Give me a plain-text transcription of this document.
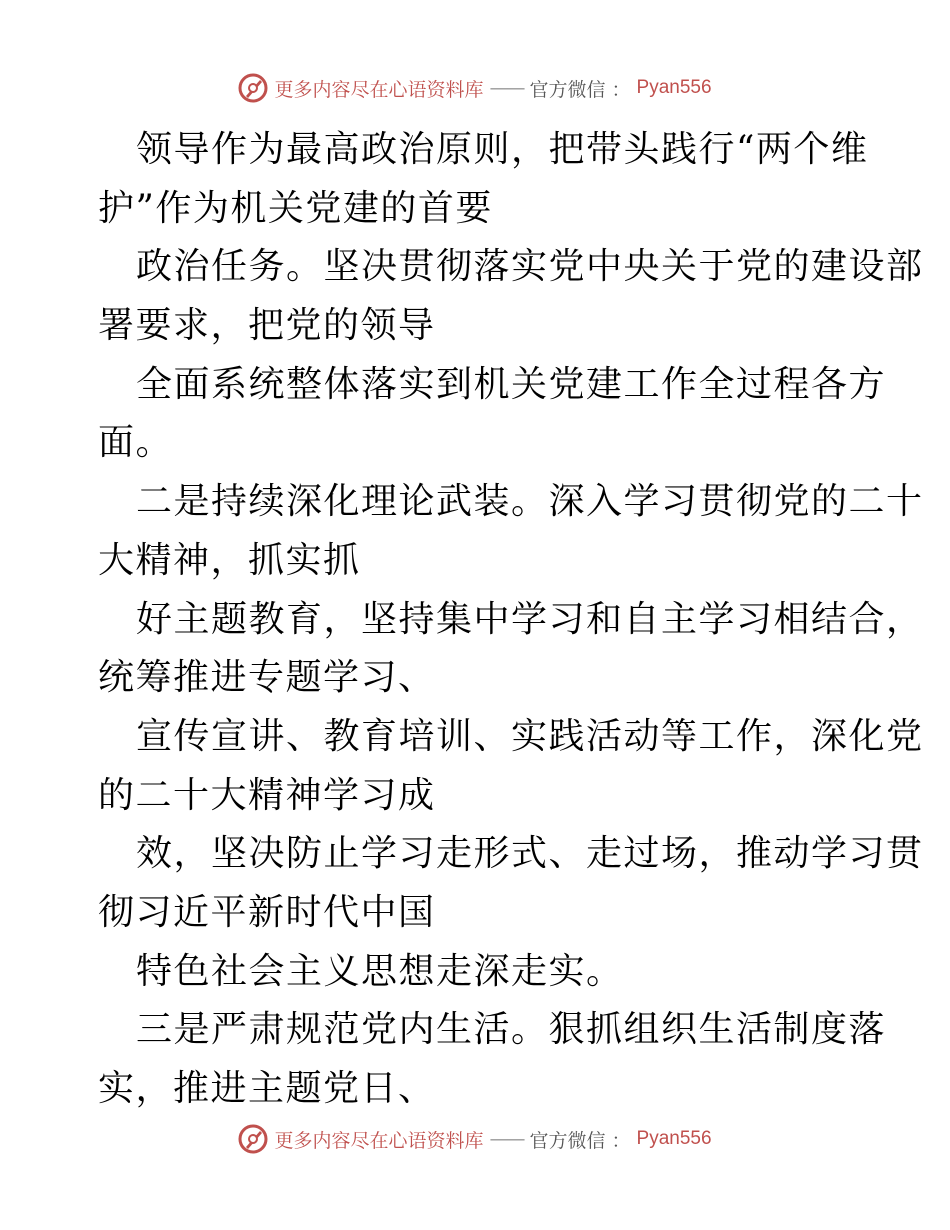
更多内容尽在心语资料库 —— 官方微信 ： Pyan556
领导作为最高政治原则，把带头践行“两个维
护”作为机关党建的首要
政治任务。坚决贯彻落实党中央关于党的建设部
署要求，把党的领导
全面系统整体落实到机关党建工作全过程各方
面。
二是持续深化理论武装。深入学习贯彻党的二十
大精神，抓实抓
好主题教育，坚持集中学习和自主学习相结合，
统筹推进专题学习、
宣传宣讲、教育培训、实践活动等工作，深化党
的二十大精神学习成
效，坚决防止学习走形式、走过场，推动学习贯
彻习近平新时代中国
特色社会主义思想走深走实。
三是严肃规范党内生活。狠抓组织生活制度落
实，推进主题党日、
更多内容尽在心语资料库 —— 官方微信 ： Pyan556
